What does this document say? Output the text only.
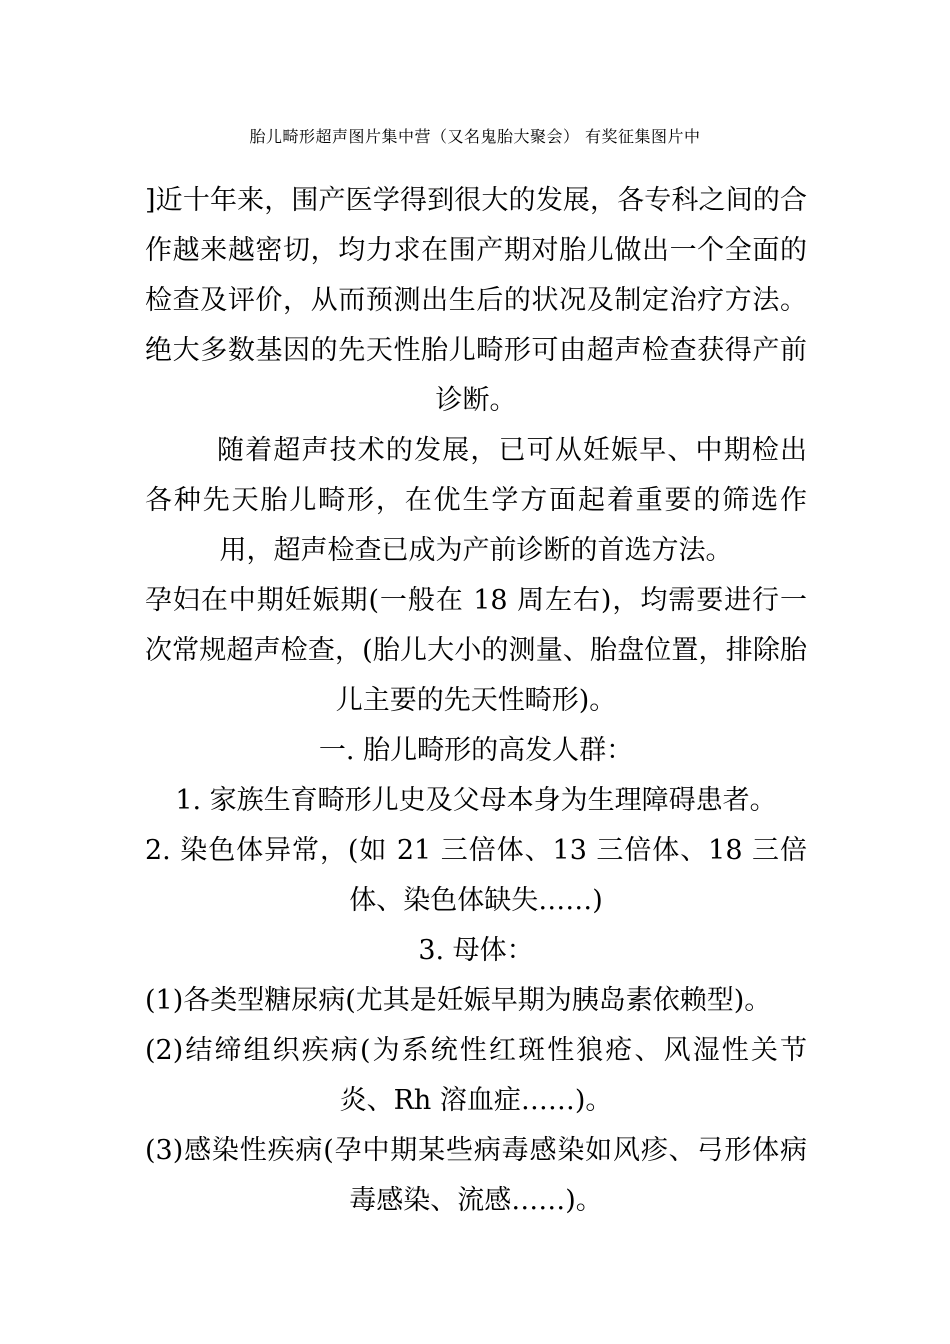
胎儿畸形超声图片集中营（又名鬼胎大聚会） 有奖征集图片中

]近十年来，围产医学得到很大的发展，各专科之间的合作越来越密切，均力求在围产期对胎儿做出一个全面的检查及评价，从而预测出生后的状况及制定治疗方法。绝大多数基因的先天性胎儿畸形可由超声检查获得产前诊断。

随着超声技术的发展，已可从妊娠早、中期检出各种先天胎儿畸形，在优生学方面起着重要的筛选作用，超声检查已成为产前诊断的首选方法。

孕妇在中期妊娠期(一般在 18 周左右)，均需要进行一次常规超声检查，(胎儿大小的测量、胎盘位置，排除胎儿主要的先天性畸形)。

一. 胎儿畸形的高发人群：

1. 家族生育畸形儿史及父母本身为生理障碍患者。

2. 染色体异常，(如 21 三倍体、13 三倍体、18 三倍体、染色体缺失……)

3. 母体：

(1)各类型糖尿病(尤其是妊娠早期为胰岛素依赖型)。

(2)结缔组织疾病(为系统性红斑性狼疮、风湿性关节炎、Rh 溶血症……)。

(3)感染性疾病(孕中期某些病毒感染如风疹、弓形体病毒感染、流感……)。
